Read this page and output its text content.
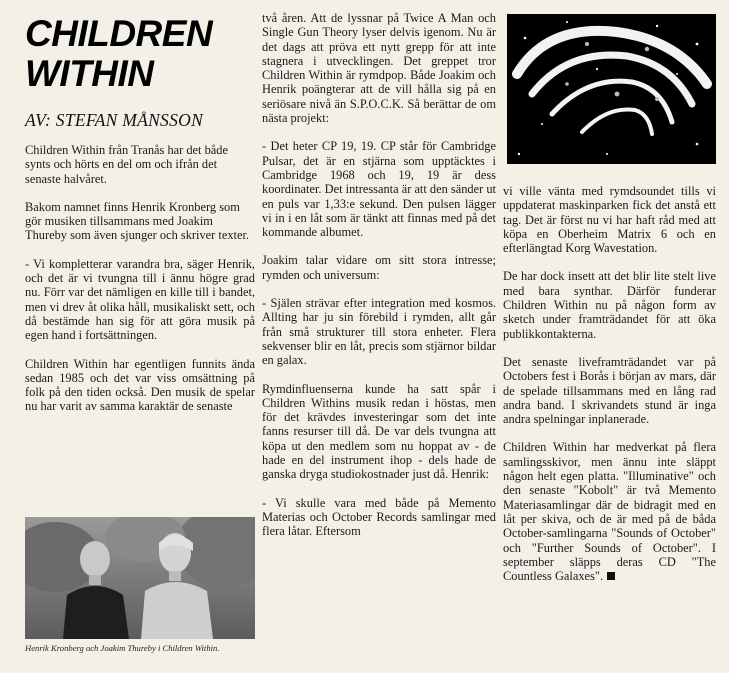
CHILDREN
WITHIN
AV: STEFAN MÅNSSON

Children Within från Tranås har det både synts och hörts en del om och ifrån det senaste halvåret.

Bakom namnet finns Henrik Kronberg som gör musiken tillsammans med Joakim Thureby som även sjunger och skriver texter.

- Vi kompletterar varandra bra, säger Henrik, och det är vi tvungna till i ännu högre grad nu. Förr var det nämligen en kille till i bandet, men vi drev åt olika håll, musikaliskt sett, och då bestämde han sig för att göra musik på egen hand i fortsättningen.

Children Within har egentligen funnits ända sedan 1985 och det var viss omsättning på folk på den tiden också. Den musik de spelar nu har varit av samma karaktär de senaste

Henrik Kronberg och Joakim Thureby i Children Within.

två åren. Att de lyssnar på Twice A Man och Single Gun Theory lyser delvis igenom. Nu är det dags att pröva ett nytt grepp för att inte stagnera i utvecklingen. Det greppet tror Children Within är rymdpop. Både Joakim och Henrik poängterar att de vill hålla sig på en seriösare nivå än S.P.O.C.K. Så berättar de om nästa projekt:

- Det heter CP 19, 19. CP står för Cambridge Pulsar, det är en stjärna som upptäcktes i Cambridge 1968 och 19, 19 är dess koordinater. Det intressanta är att den sänder ut en puls var 1,33:e sekund. Den pulsen lägger vi in i en låt som är tänkt att finnas med på det kommande albumet.

Joakim talar vidare om sitt stora intresse; rymden och universum:

- Själen strävar efter integration med kosmos. Allting har ju sin förebild i rymden, allt går från små strukturer till stora enheter. Flera sekvenser blir en låt, precis som stjärnor bildar en galax.

Rymdinfluenserna kunde ha satt spår i Children Withins musik redan i höstas, men för det krävdes investeringar som det inte fanns resurser till då. De var dels tvungna att köpa ut den medlem som nu hoppat av - de hade en del instrument ihop - dels hade de ganska dryga studiokostnader just då. Henrik:

- Vi skulle vara med både på Memento Materias och October Records samlingar med flera låtar. Eftersom

vi ville vänta med rymdsoundet tills vi uppdaterat maskinparken fick det anstå ett tag. Det är först nu vi har haft råd med att köpa en Oberheim Matrix 6 och en efterlängtad Korg Wavestation.

De har dock insett att det blir lite stelt live med bara synthar. Därför funderar Children Within nu på någon form av sketch under framträdandet för att öka publikkontakterna.

Det senaste liveframträdandet var på Octobers fest i Borås i början av mars, där de spelade tillsammans med en lång rad andra band. I skrivandets stund är inga andra spelningar inplanerade.

Children Within har medverkat på flera samlingsskivor, men ännu inte släppt någon helt egen platta. "Illuminative" och den senaste "Kobolt" är två Memento Materiasamlingar där de bidragit med en låt per skiva, och de är med på de båda October-samlingarna "Sounds of October" och "Further Sounds of October". I september släpps deras CD "The Countless Galaxes".
